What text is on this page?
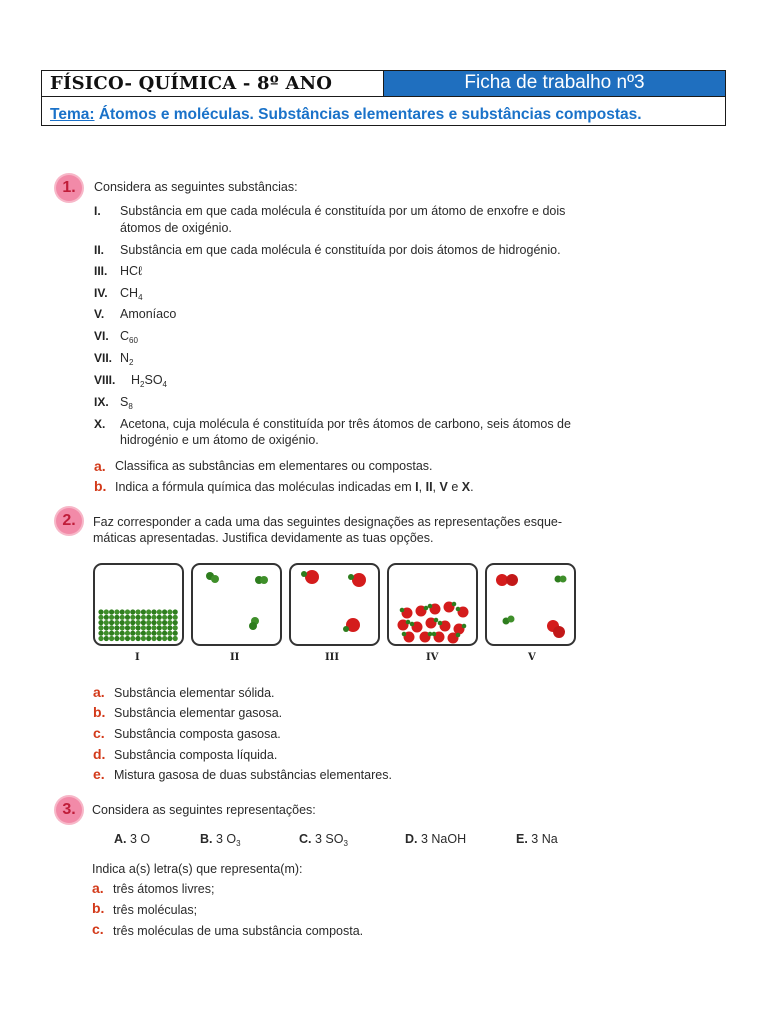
FÍSICO- QUÍMICA - 8º ANO	Ficha de trabalho nº3
Tema: Átomos e moléculas. Substâncias elementares e substâncias compostas.
1.	Considera as seguintes substâncias:
I. Substância em que cada molécula é constituída por um átomo de enxofre e dois
átomos de oxigénio.
II. Substância em que cada molécula é constituída por dois átomos de hidrogénio.
III. HCℓ
IV. $CH_4$
V. Amoníaco
VI. $C_{60}$
VII. $N_2$
VIII. $H_2SO_4$
IX. $S_8$
X. Acetona, cuja molécula é constituída por três átomos de carbono, seis átomos de
hidrogénio e um átomo de oxigénio.
a. Classifica as substâncias em elementares ou compostas.
b. Indica a fórmula química das moléculas indicadas em I, II, V e X.
2.	Faz corresponder a cada uma das seguintes designações as representações esque-
máticas apresentadas. Justifica devidamente as tuas opções.
I	II	III	IV	V
a. Substância elementar sólida.
b. Substância elementar gasosa.
c. Substância composta gasosa.
d. Substância composta líquida.
e. Mistura gasosa de duas substâncias elementares.
3.	Considera as seguintes representações:
A. 3 O	B. 3 $O_3$	C. 3 $SO_3$	D. 3 NaOH	E. 3 Na
Indica a(s) letra(s) que representa(m):
a. três átomos livres;
b. três moléculas;
c. três moléculas de uma substância composta.
